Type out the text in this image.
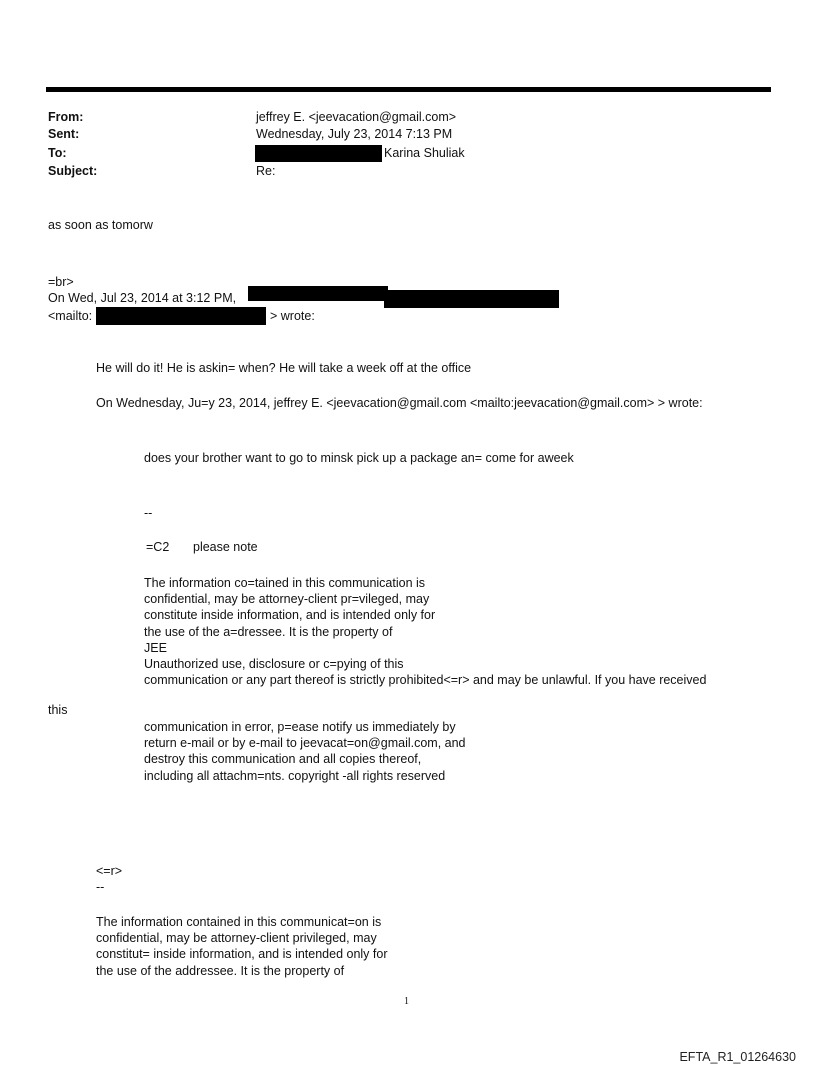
From:	jeffrey E. <jeevacation@gmail.com>
Sent:	Wednesday, July 23, 2014 7:13 PM
To:	Karina Shuliak
Subject:	Re:
as soon as tomorw
=br>
On Wed, Jul 23, 2014 at 3:12 PM,
<mailto:	> wrote:
He will do it! He is askin= when? He will take a week off at the office
On Wednesday, Ju=y 23, 2014, jeffrey E. <jeevacation@gmail.com <mailto:jeevacation@gmail.com> > wrote:
does your brother want to go to minsk pick up a package an= come for aweek
--
=C2 please note
The information co=tained in this communication is
confidential, may be attorney-client pr=vileged, may
constitute inside information, and is intended only for
the use of the a=dressee. It is the property of
JEE
Unauthorized use, disclosure or c=pying of this
communication or any part thereof is strictly prohibited<=r> and may be unlawful. If you have received
this
communication in error, p=ease notify us immediately by
return e-mail or by e-mail to jeevacat=on@gmail.com, and
destroy this communication and all copies thereof,
including all attachm=nts. copyright -all rights reserved
<=r>
--
The information contained in this communicat=on is
confidential, may be attorney-client privileged, may
constitut= inside information, and is intended only for
the use of the addressee. It is the property of
1
EFTA_R1_01264630
